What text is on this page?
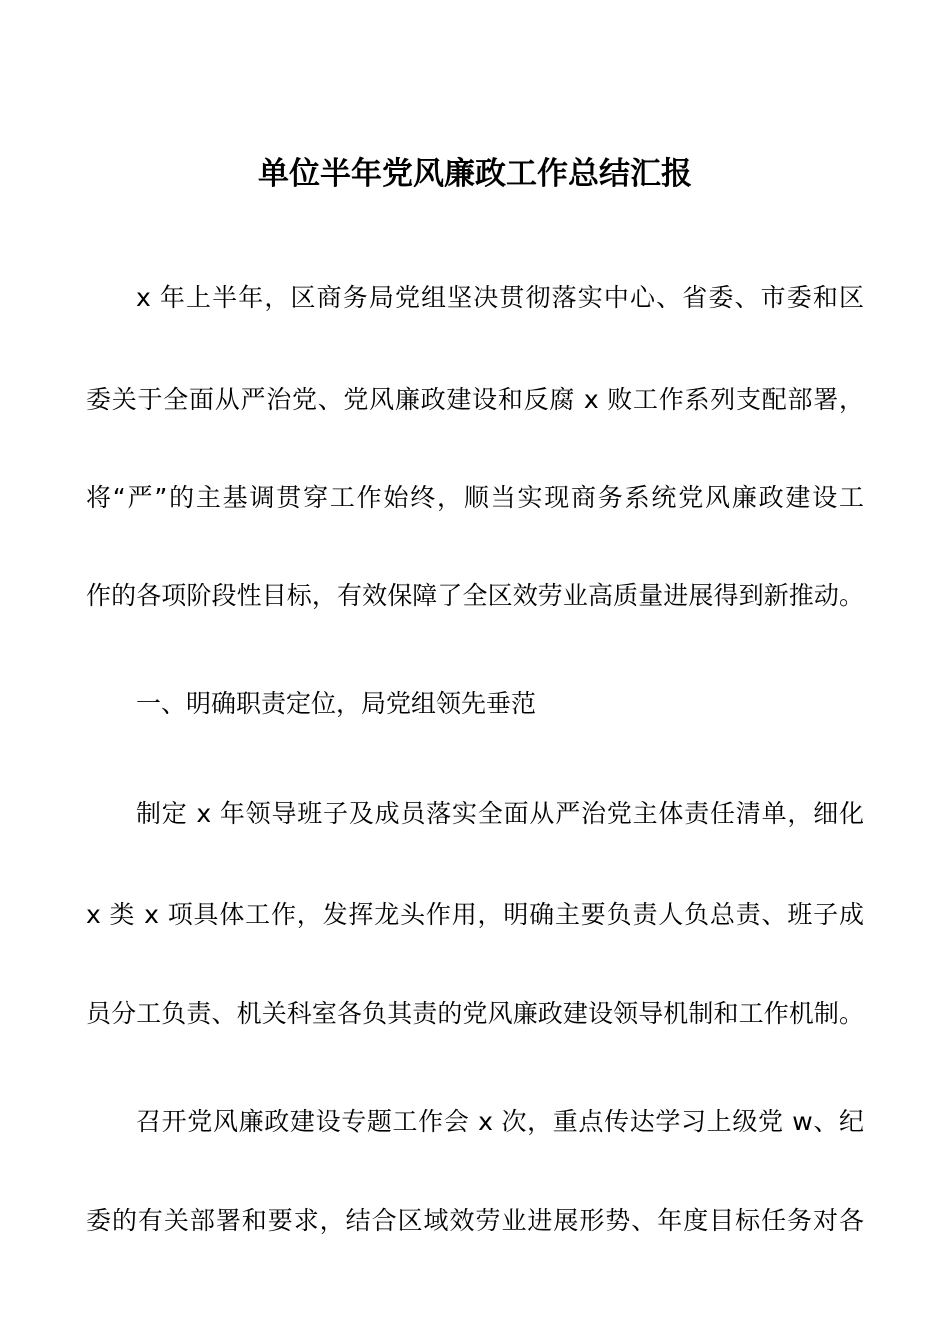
单位半年党风廉政工作总结汇报
x 年上半年，区商务局党组坚决贯彻落实中心、省委、市委和区
委关于全面从严治党、党风廉政建设和反腐 x 败工作系列支配部署，
将“严”的主基调贯穿工作始终，顺当实现商务系统党风廉政建设工
作的各项阶段性目标，有效保障了全区效劳业高质量进展得到新推动。
一、明确职责定位，局党组领先垂范
制定 x 年领导班子及成员落实全面从严治党主体责任清单，细化
x 类 x 项具体工作，发挥龙头作用，明确主要负责人负总责、班子成
员分工负责、机关科室各负其责的党风廉政建设领导机制和工作机制。
召开党风廉政建设专题工作会 x 次，重点传达学习上级党 w、纪
委的有关部署和要求，结合区域效劳业进展形势、年度目标任务对各
